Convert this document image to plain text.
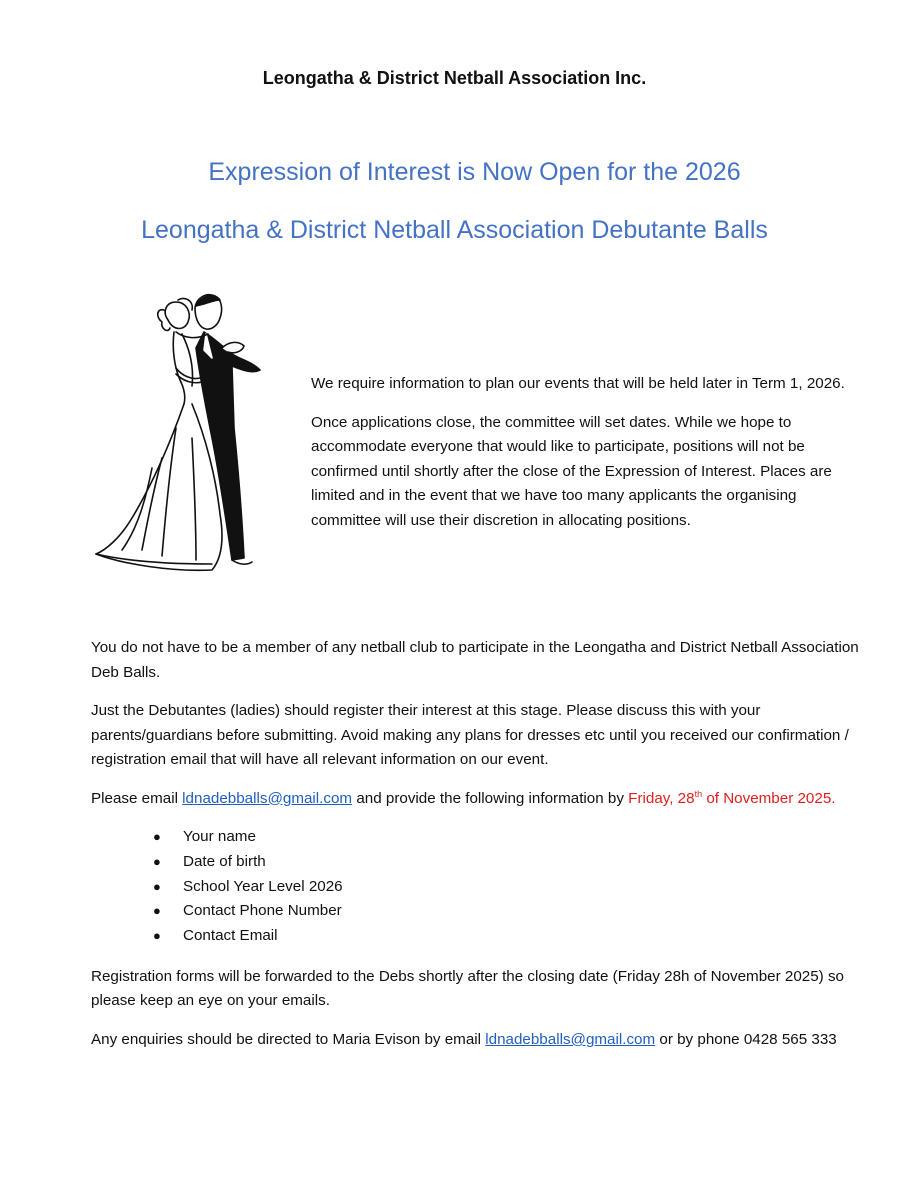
Leongatha & District Netball Association Inc.
Expression of Interest is Now Open for the 2026
Leongatha & District Netball Association Debutante Balls

We require information to plan our events that will be held later in Term 1, 2026.

Once applications close, the committee will set dates. While we hope to accommodate everyone that would like to participate, positions will not be confirmed until shortly after the close of the Expression of Interest. Places are limited and in the event that we have too many applicants the organising committee will use their discretion in allocating positions.

You do not have to be a member of any netball club to participate in the Leongatha and District Netball Association Deb Balls.

Just the Debutantes (ladies) should register their interest at this stage. Please discuss this with your parents/guardians before submitting. Avoid making any plans for dresses etc until you received our confirmation / registration email that will have all relevant information on our event.

Please email ldnadebballs@gmail.com and provide the following information by Friday, 28th of November 2025.

● Your name
● Date of birth
● School Year Level 2026
● Contact Phone Number
● Contact Email

Registration forms will be forwarded to the Debs shortly after the closing date (Friday 28h of November 2025) so please keep an eye on your emails.

Any enquiries should be directed to Maria Evison by email ldnadebballs@gmail.com or by phone 0428 565 333
